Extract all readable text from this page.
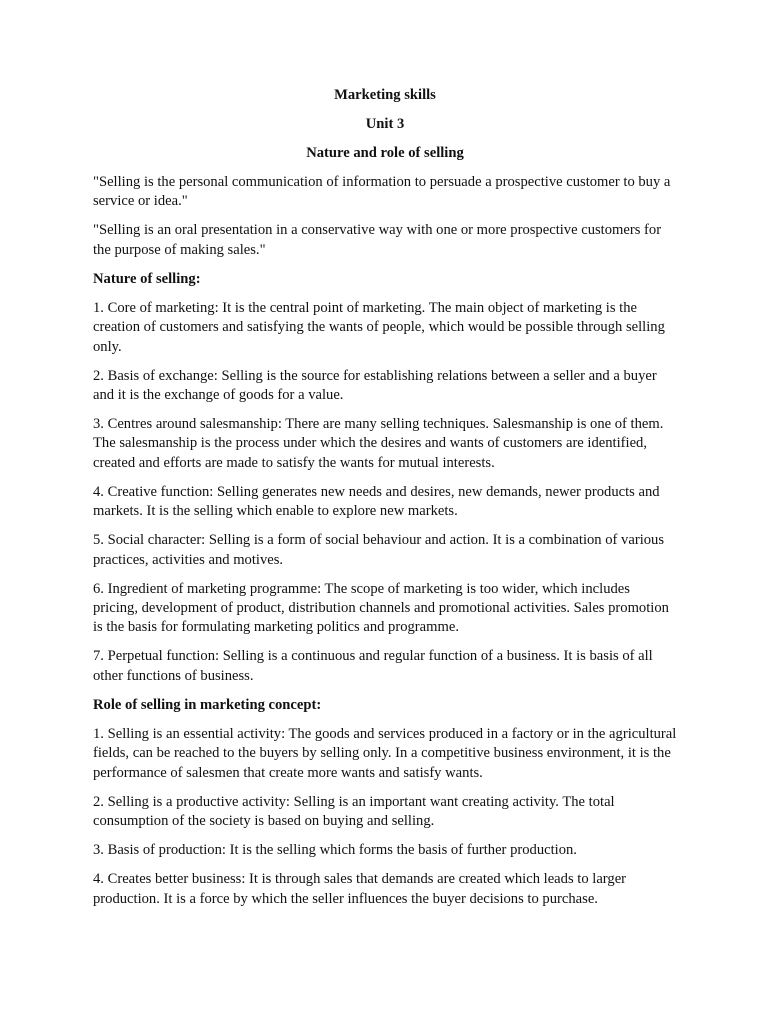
Marketing skills
Unit 3
Nature and role of selling

"Selling is the personal communication of information to persuade a prospective customer to buy a service or idea."

"Selling is an oral presentation in a conservative way with one or more prospective customers for the purpose of making sales."

Nature of selling:

1. Core of marketing: It is the central point of marketing. The main object of marketing is the creation of customers and satisfying the wants of people, which would be possible through selling only.

2. Basis of exchange: Selling is the source for establishing relations between a seller and a buyer and it is the exchange of goods for a value.

3. Centres around salesmanship: There are many selling techniques. Salesmanship is one of them. The salesmanship is the process under which the desires and wants of customers are identified, created and efforts are made to satisfy the wants for mutual interests.

4. Creative function: Selling generates new needs and desires, new demands, newer products and markets. It is the selling which enable to explore new markets.

5. Social character: Selling is a form of social behaviour and action. It is a combination of various practices, activities and motives.

6. Ingredient of marketing programme: The scope of marketing is too wider, which includes pricing, development of product, distribution channels and promotional activities. Sales promotion is the basis for formulating marketing politics and programme.

7. Perpetual function: Selling is a continuous and regular function of a business. It is basis of all other functions of business.

Role of selling in marketing concept:

1. Selling is an essential activity: The goods and services produced in a factory or in the agricultural fields, can be reached to the buyers by selling only. In a competitive business environment, it is the performance of salesmen that create more wants and satisfy wants.

2. Selling is a productive activity: Selling is an important want creating activity. The total consumption of the society is based on buying and selling.

3. Basis of production: It is the selling which forms the basis of further production.

4. Creates better business: It is through sales that demands are created which leads to larger production. It is a force by which the seller influences the buyer decisions to purchase.
